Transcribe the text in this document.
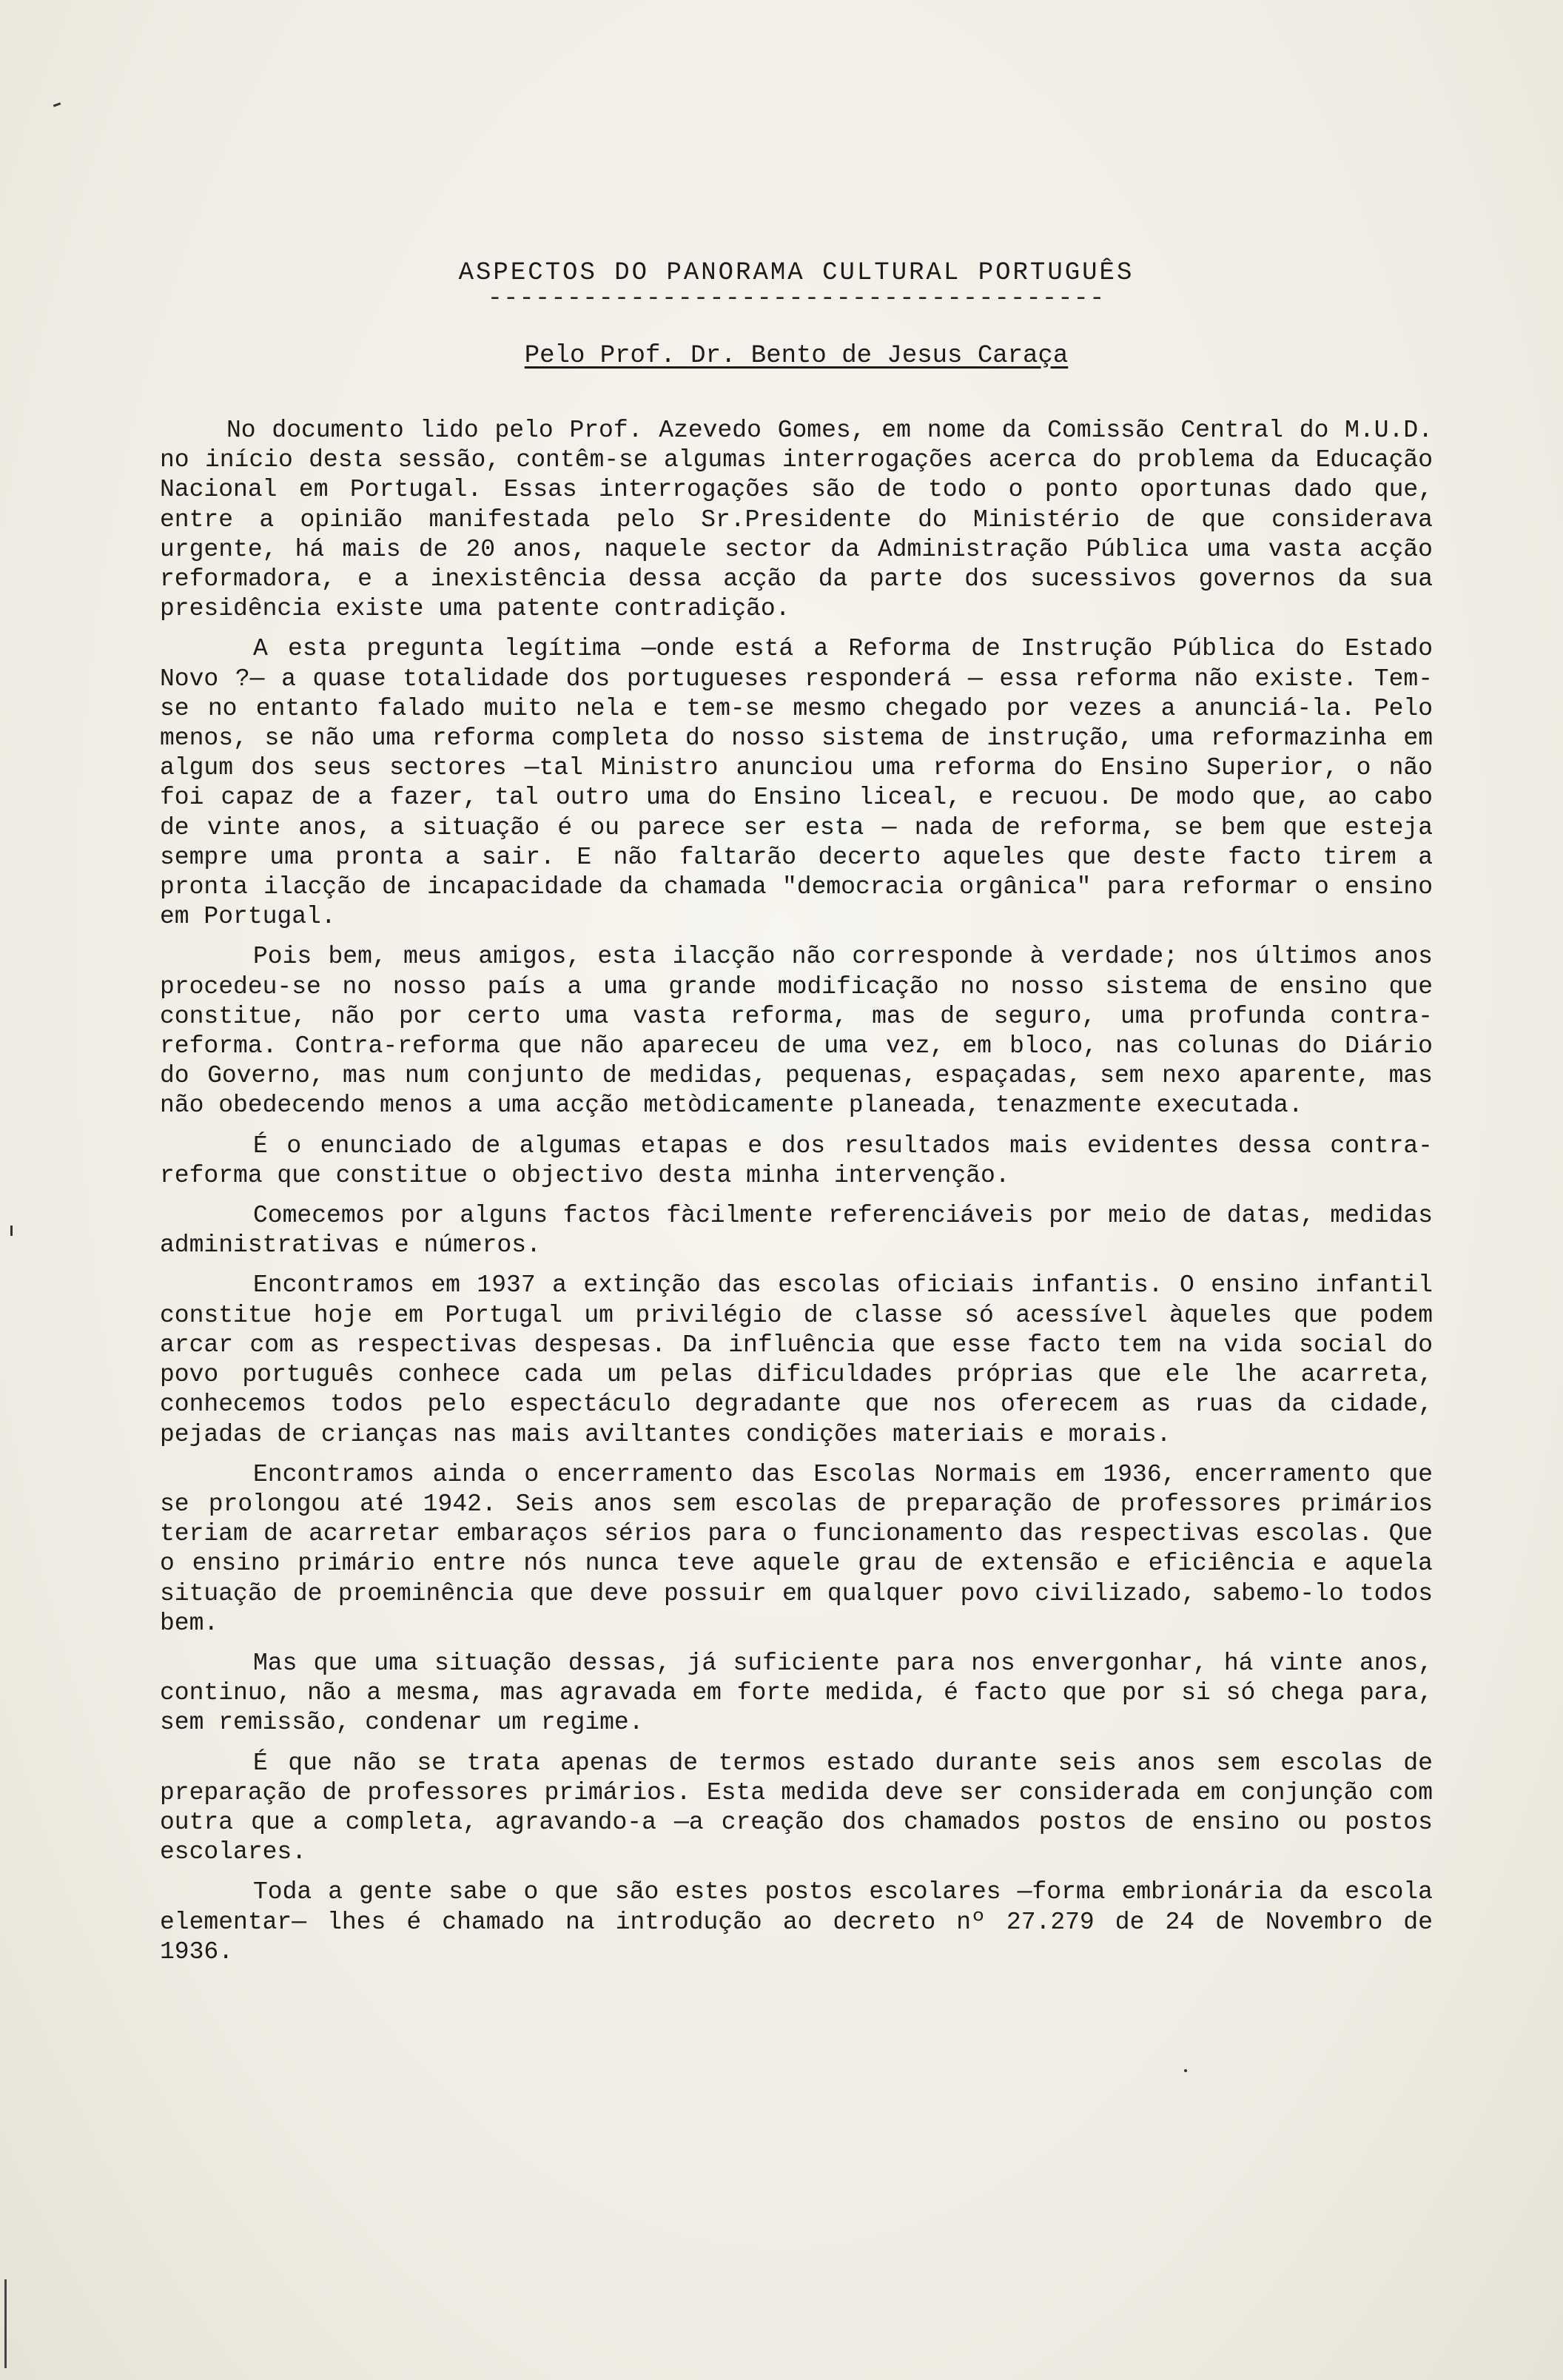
ASPECTOS DO PANORAMA CULTURAL PORTUGUÊS
---------------------------------------
Pelo Prof. Dr. Bento de Jesus Caraça

No documento lido pelo Prof. Azevedo Gomes, em nome da Comissão Central do M.U.D. no início desta sessão, contêm-se algumas interrogações acerca do problema da Educação Nacional em Portugal. Essas interrogações são de todo o ponto oportunas dado que, entre a opinião manifestada pelo Sr.Presidente do Ministério de que considerava urgente, há mais de 20 anos, naquele sector da Administração Pública uma vasta acção reformadora, e a inexistência dessa acção da parte dos sucessivos governos da sua presidência existe uma patente contradição.

A esta pregunta legítima —onde está a Reforma de Instrução Pública do Estado Novo ?— a quase totalidade dos portugueses responderá — essa reforma não existe. Tem-se no entanto falado muito nela e tem-se mesmo chegado por vezes a anunciá-la. Pelo menos, se não uma reforma completa do nosso sistema de instrução, uma reformazinha em algum dos seus sectores —tal Ministro anunciou uma reforma do Ensino Superior, o não foi capaz de a fazer, tal outro uma do Ensino liceal, e recuou. De modo que, ao cabo de vinte anos, a situação é ou parece ser esta — nada de reforma, se bem que esteja sempre uma pronta a sair. E não faltarão decerto aqueles que deste facto tirem a pronta ilacção de incapacidade da chamada "democracia orgânica" para reformar o ensino em Portugal.

Pois bem, meus amigos, esta ilacção não corresponde à verdade; nos últimos anos procedeu-se no nosso país a uma grande modificação no nosso sistema de ensino que constitue, não por certo uma vasta reforma, mas de seguro, uma profunda contra-reforma. Contra-reforma que não apareceu de uma vez, em bloco, nas colunas do Diário do Governo, mas num conjunto de medidas, pequenas, espaçadas, sem nexo aparente, mas não obedecendo menos a uma acção metòdicamente planeada, tenazmente executada.

É o enunciado de algumas etapas e dos resultados mais evidentes dessa contra-reforma que constitue o objectivo desta minha intervenção.

Comecemos por alguns factos fàcilmente referenciáveis por meio de datas, medidas administrativas e números.

Encontramos em 1937 a extinção das escolas oficiais infantis. O ensino infantil constitue hoje em Portugal um privilégio de classe só acessível àqueles que podem arcar com as respectivas despesas. Da influência que esse facto tem na vida social do povo português conhece cada um pelas dificuldades próprias que ele lhe acarreta, conhecemos todos pelo espectáculo degradante que nos oferecem as ruas da cidade, pejadas de crianças nas mais aviltantes condições materiais e morais.

Encontramos ainda o encerramento das Escolas Normais em 1936, encerramento que se prolongou até 1942. Seis anos sem escolas de preparação de professores primários teriam de acarretar embaraços sérios para o funcionamento das respectivas escolas. Que o ensino primário entre nós nunca teve aquele grau de extensão e eficiência e aquela situação de proeminência que deve possuir em qualquer povo civilizado, sabemo-lo todos bem.

Mas que uma situação dessas, já suficiente para nos envergonhar, há vinte anos, continuo, não a mesma, mas agravada em forte medida, é facto que por si só chega para, sem remissão, condenar um regime.

É que não se trata apenas de termos estado durante seis anos sem escolas de preparação de professores primários. Esta medida deve ser considerada em conjunção com outra que a completa, agravando-a —a creação dos chamados postos de ensino ou postos escolares.

Toda a gente sabe o que são estes postos escolares —forma embrionária da escola elementar— lhes é chamado na introdução ao decreto nº 27.279 de 24 de Novembro de 1936.
